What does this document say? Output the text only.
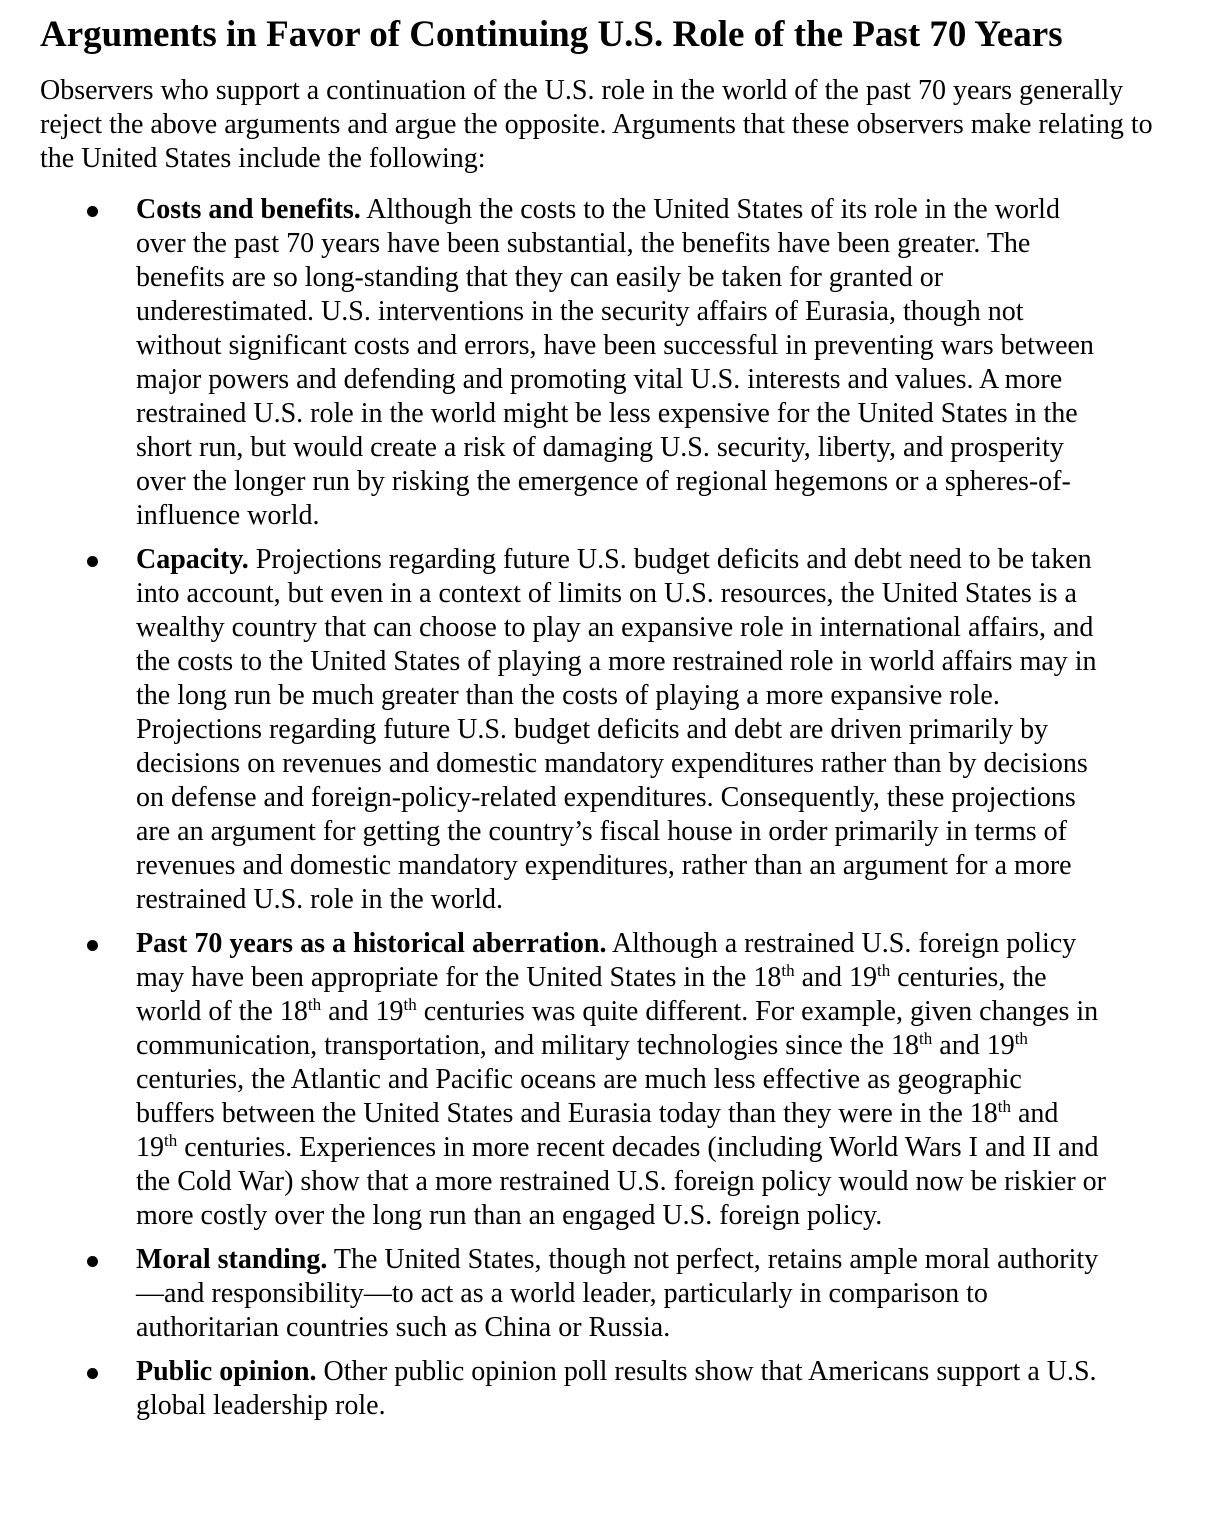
Arguments in Favor of Continuing U.S. Role of the Past 70 Years

Observers who support a continuation of the U.S. role in the world of the past 70 years generally reject the above arguments and argue the opposite. Arguments that these observers make relating to the United States include the following:

Costs and benefits. Although the costs to the United States of its role in the world over the past 70 years have been substantial, the benefits have been greater. The benefits are so long-standing that they can easily be taken for granted or underestimated. U.S. interventions in the security affairs of Eurasia, though not without significant costs and errors, have been successful in preventing wars between major powers and defending and promoting vital U.S. interests and values. A more restrained U.S. role in the world might be less expensive for the United States in the short run, but would create a risk of damaging U.S. security, liberty, and prosperity over the longer run by risking the emergence of regional hegemons or a spheres-of-influence world.
Capacity. Projections regarding future U.S. budget deficits and debt need to be taken into account, but even in a context of limits on U.S. resources, the United States is a wealthy country that can choose to play an expansive role in international affairs, and the costs to the United States of playing a more restrained role in world affairs may in the long run be much greater than the costs of playing a more expansive role. Projections regarding future U.S. budget deficits and debt are driven primarily by decisions on revenues and domestic mandatory expenditures rather than by decisions on defense and foreign-policy-related expenditures. Consequently, these projections are an argument for getting the country’s fiscal house in order primarily in terms of revenues and domestic mandatory expenditures, rather than an argument for a more restrained U.S. role in the world.
Past 70 years as a historical aberration. Although a restrained U.S. foreign policy may have been appropriate for the United States in the 18th and 19th centuries, the world of the 18th and 19th centuries was quite different. For example, given changes in communication, transportation, and military technologies since the 18th and 19th centuries, the Atlantic and Pacific oceans are much less effective as geographic buffers between the United States and Eurasia today than they were in the 18th and 19th centuries. Experiences in more recent decades (including World Wars I and II and the Cold War) show that a more restrained U.S. foreign policy would now be riskier or more costly over the long run than an engaged U.S. foreign policy.
Moral standing. The United States, though not perfect, retains ample moral authority—and responsibility—to act as a world leader, particularly in comparison to authoritarian countries such as China or Russia.
Public opinion. Other public opinion poll results show that Americans support a U.S. global leadership role.
